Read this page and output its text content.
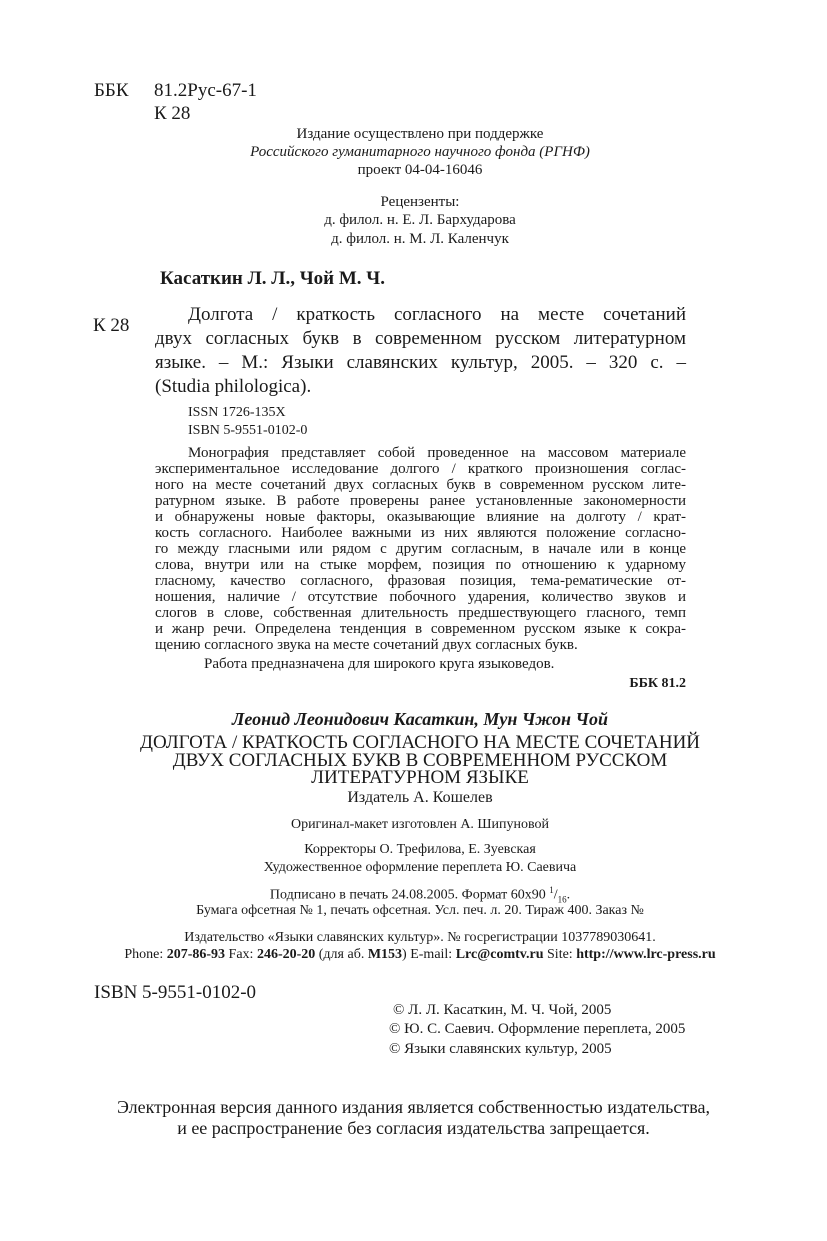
ББК 81.2Рус-67-1
К 28
Издание осуществлено при поддержке
Российского гуманитарного научного фонда (РГНФ)
проект 04-04-16046
Рецензенты:
д. филол. н. Е. Л. Бархударова
д. филол. н. М. Л. Каленчук
Касаткин Л. Л., Чой М. Ч.
К 28
Долгота / краткость согласного на месте сочетаний
двух согласных букв в современном русском литературном
языке. – М.: Языки славянских культур, 2005. – 320 с. –
(Studia philologica).
ISSN 1726-135X
ISBN 5-9551-0102-0
Монография представляет собой проведенное на массовом материале
экспериментальное исследование долгого / краткого произношения соглас-
ного на месте сочетаний двух согласных букв в современном русском лите-
ратурном языке. В работе проверены ранее установленные закономерности
и обнаружены новые факторы, оказывающие влияние на долготу / крат-
кость согласного. Наиболее важными из них являются положение согласно-
го между гласными или рядом с другим согласным, в начале или в конце
слова, внутри или на стыке морфем, позиция по отношению к ударному
гласному, качество согласного, фразовая позиция, тема-рематические от-
ношения, наличие / отсутствие побочного ударения, количество звуков и
слогов в слове, собственная длительность предшествующего гласного, темп
и жанр речи. Определена тенденция в современном русском языке к сокра-
щению согласного звука на месте сочетаний двух согласных букв.
Работа предназначена для широкого круга языковедов.
ББК 81.2
Леонид Леонидович Касаткин, Мун Чжон Чой
ДОЛГОТА / КРАТКОСТЬ СОГЛАСНОГО НА МЕСТЕ СОЧЕТАНИЙ
ДВУХ СОГЛАСНЫХ БУКВ В СОВРЕМЕННОМ РУССКОМ
ЛИТЕРАТУРНОМ ЯЗЫКЕ
Издатель А. Кошелев
Оригинал-макет изготовлен А. Шипуновой
Корректоры О. Трефилова, Е. Зуевская
Художественное оформление переплета Ю. Саевича
Подписано в печать 24.08.2005. Формат 60х90 $^1/_{16}$.
Бумага офсетная № 1, печать офсетная. Усл. печ. л. 20. Тираж 400. Заказ №
Издательство «Языки славянских культур». № госрегистрации 1037789030641.
Phone: 207-86-93 Fax: 246-20-20 (для аб. M153) E-mail: Lrc@comtv.ru Site: http://www.lrc-press.ru
ISBN 5-9551-0102-0
© Л. Л. Касаткин, М. Ч. Чой, 2005
© Ю. С. Саевич. Оформление переплета, 2005
© Языки славянских культур, 2005
Электронная версия данного издания является собственностью издательства,
и ее распространение без согласия издательства запрещается.
